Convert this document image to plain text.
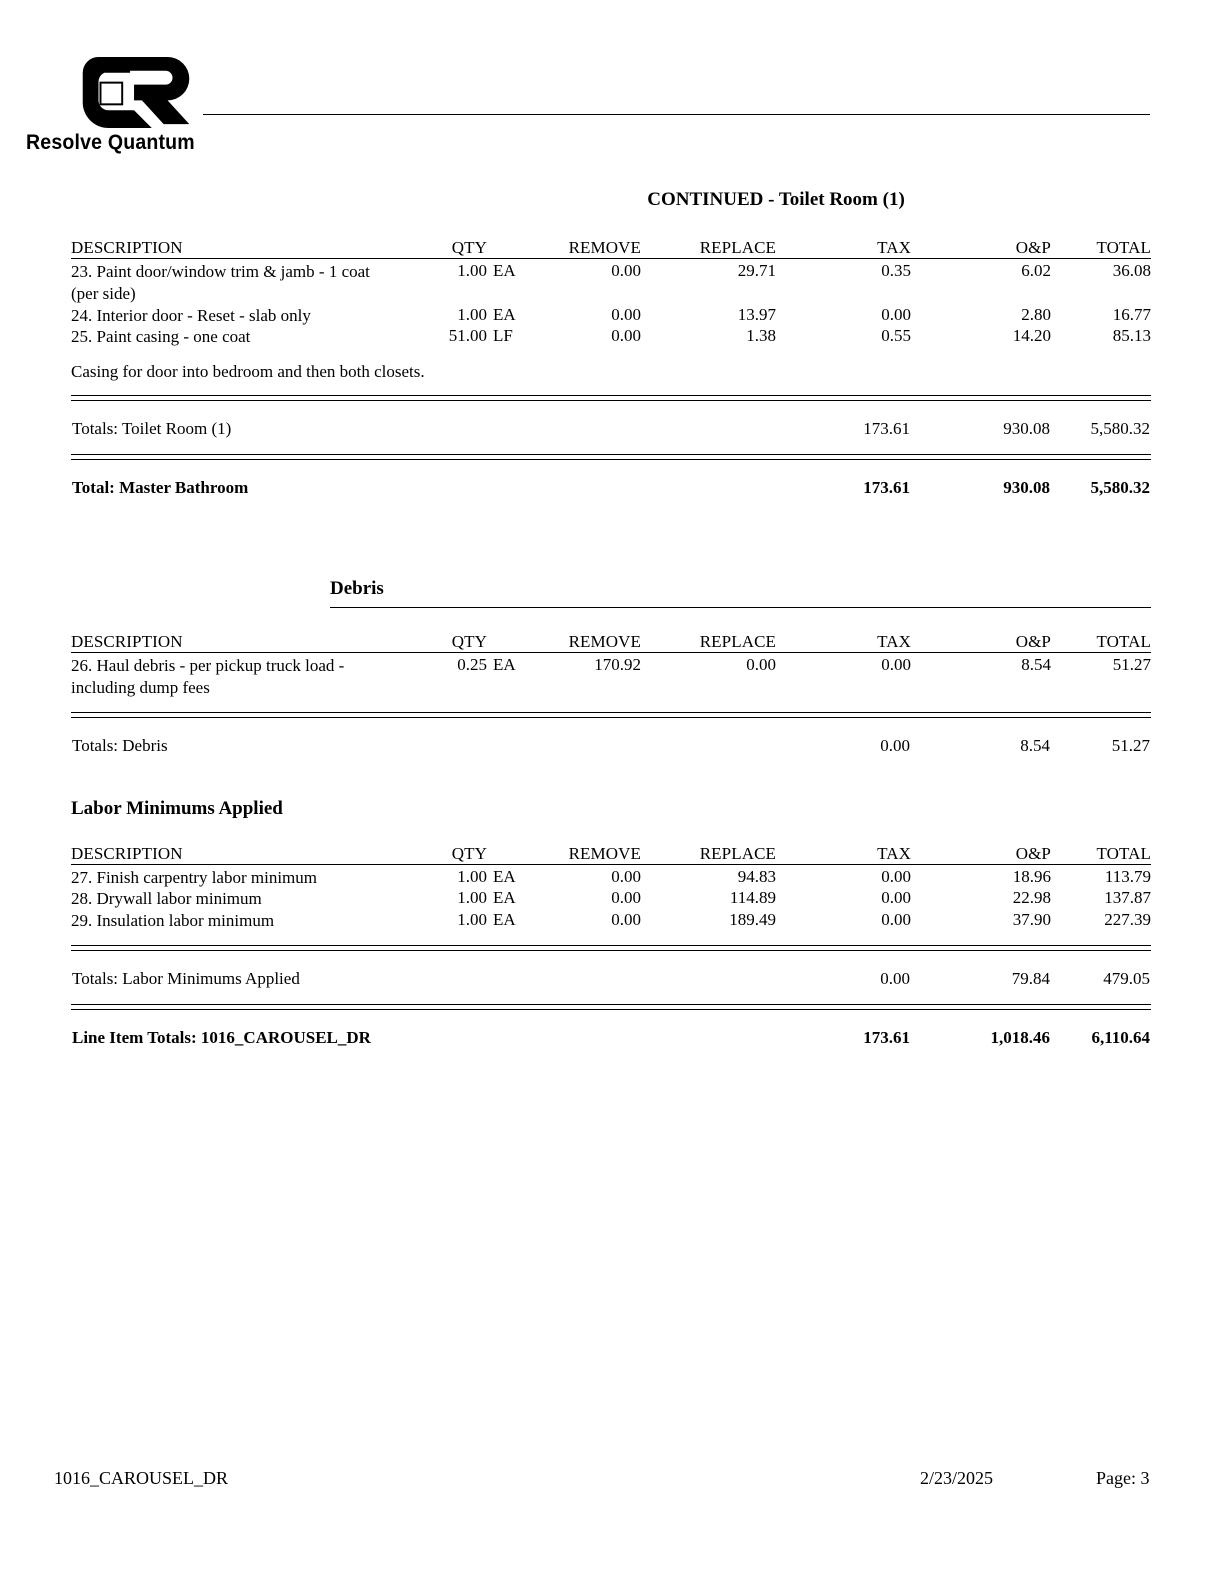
Resolve Quantum
CONTINUED - Toilet Room (1)
DESCRIPTION	QTY	REMOVE	REPLACE	TAX	O&P	TOTAL
23. Paint door/window trim & jamb - 1 coat (per side)	1.00 EA	0.00	29.71	0.35	6.02	36.08
24. Interior door - Reset - slab only	1.00 EA	0.00	13.97	0.00	2.80	16.77
25. Paint casing - one coat	51.00 LF	0.00	1.38	0.55	14.20	85.13
Casing for door into bedroom and then both closets.
Totals: Toilet Room (1)	173.61	930.08	5,580.32
Total: Master Bathroom	173.61	930.08	5,580.32
Debris
DESCRIPTION	QTY	REMOVE	REPLACE	TAX	O&P	TOTAL
26. Haul debris - per pickup truck load - including dump fees	0.25 EA	170.92	0.00	0.00	8.54	51.27
Totals: Debris	0.00	8.54	51.27
Labor Minimums Applied
DESCRIPTION	QTY	REMOVE	REPLACE	TAX	O&P	TOTAL
27. Finish carpentry labor minimum	1.00 EA	0.00	94.83	0.00	18.96	113.79
28. Drywall labor minimum	1.00 EA	0.00	114.89	0.00	22.98	137.87
29. Insulation labor minimum	1.00 EA	0.00	189.49	0.00	37.90	227.39
Totals: Labor Minimums Applied	0.00	79.84	479.05
Line Item Totals: 1016_CAROUSEL_DR	173.61	1,018.46	6,110.64
1016_CAROUSEL_DR	2/23/2025	Page: 3
